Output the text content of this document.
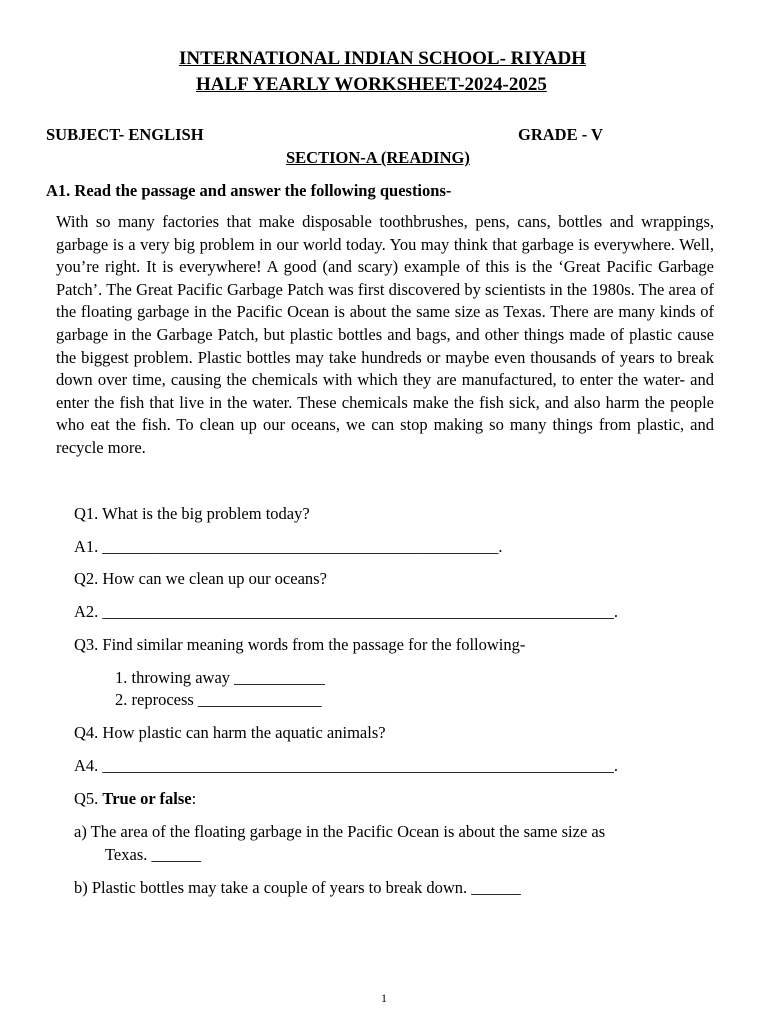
INTERNATIONAL INDIAN SCHOOL- RIYADH
HALF YEARLY WORKSHEET-2024-2025
SUBJECT- ENGLISH	GRADE - V
SECTION-A (READING)
A1. Read the passage and answer the following questions-
With so many factories that make disposable toothbrushes, pens, cans, bottles and wrappings, garbage is a very big problem in our world today. You may think that garbage is everywhere. Well, you’re right. It is everywhere! A good (and scary) example of this is the ‘Great Pacific Garbage Patch’. The Great Pacific Garbage Patch was first discovered by scientists in the 1980s. The area of the floating garbage in the Pacific Ocean is about the same size as Texas. There are many kinds of garbage in the Garbage Patch, but plastic bottles and bags, and other things made of plastic cause the biggest problem. Plastic bottles may take hundreds or maybe even thousands of years to break down over time, causing the chemicals with which they are manufactured, to enter the water- and enter the fish that live in the water. These chemicals make the fish sick, and also harm the people who eat the fish. To clean up our oceans, we can stop making so many things from plastic, and recycle more.
Q1. What is the big problem today?
A1. ________________________________________________.
Q2. How can we clean up our oceans?
A2. ______________________________________________________________.
Q3. Find similar meaning words from the passage for the following-
1. throwing away ___________
2. reprocess _______________
Q4. How plastic can harm the aquatic animals?
A4. ______________________________________________________________.
Q5. True or false:
a) The area of the floating garbage in the Pacific Ocean is about the same size as
Texas. ______
b) Plastic bottles may take a couple of years to break down. ______
1
